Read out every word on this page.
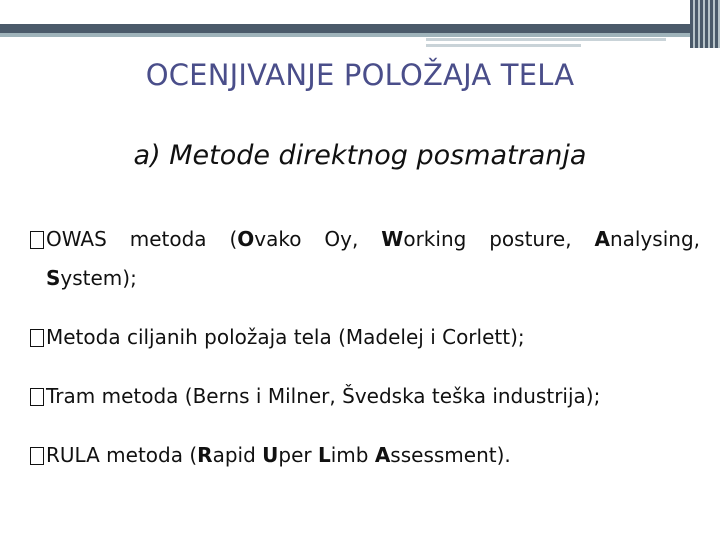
OCENJIVANJE POLOŽAJA TELA
a) Metode direktnog posmatranja
OWAS metoda (Ovako Oy, Working posture, Analysing,
System);
Metoda ciljanih položaja tela (Madelej i Corlett);
Tram metoda (Berns i Milner, Švedska teška industrija);
RULA metoda (Rapid Uper Limb Assessment).
